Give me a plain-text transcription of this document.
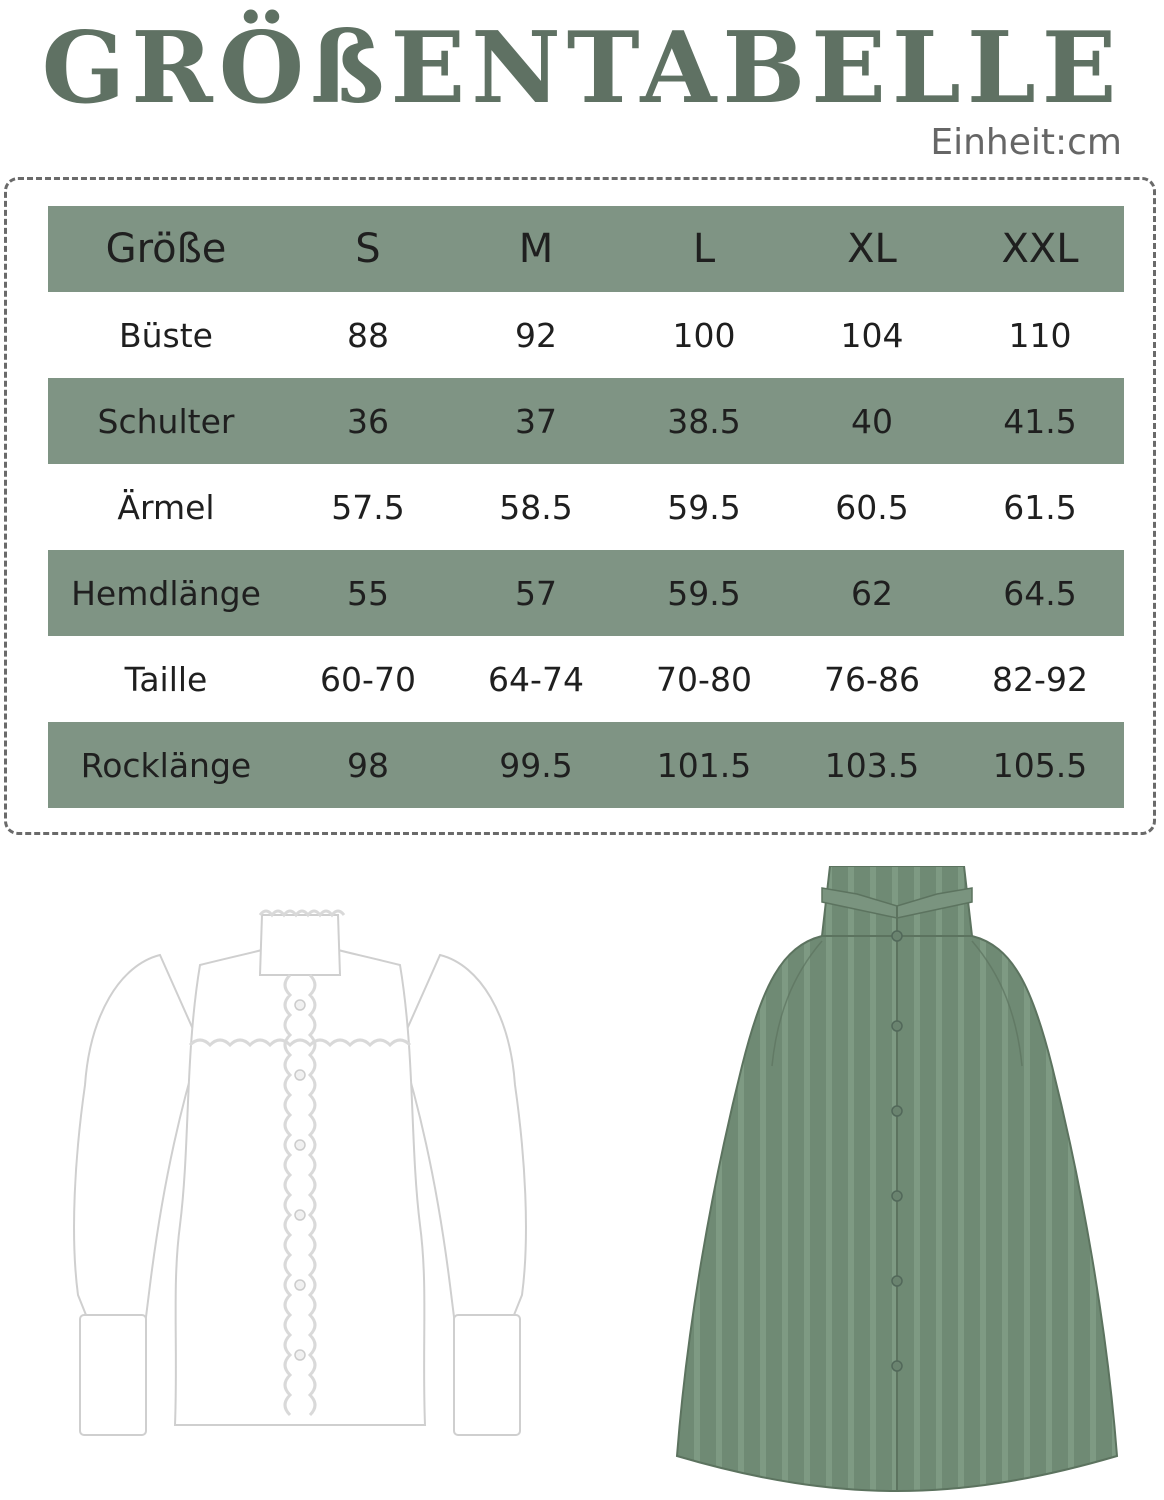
GRÖßENTABELLE
Einheit:cm
Größe	S	M	L	XL	XXL
Büste	88	92	100	104	110
Schulter	36	37	38.5	40	41.5
Ärmel	57.5	58.5	59.5	60.5	61.5
Hemdlänge	55	57	59.5	62	64.5
Taille	60-70	64-74	70-80	76-86	82-92
Rocklänge	98	99.5	101.5	103.5	105.5
